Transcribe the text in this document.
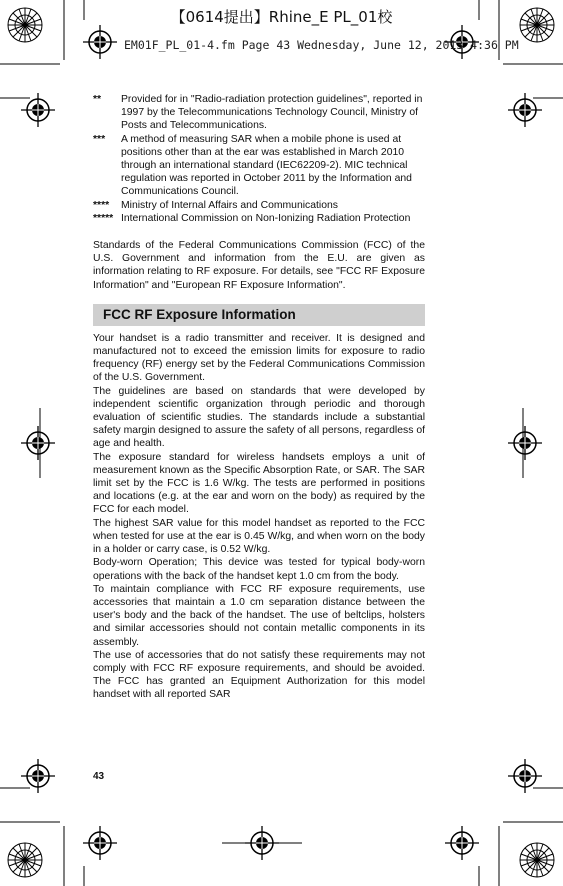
【0614提出】Rhine_E PL_01校
EM01F_PL_01-4.fm Page 43 Wednesday, June 12, 2013 4:36 PM
**	Provided for in "Radio-radiation protection guidelines", reported in 1997 by the Telecommunications Technology Council, Ministry of Posts and Telecommunications.
***	A method of measuring SAR when a mobile phone is used at positions other than at the ear was established in March 2010 through an international standard (IEC62209-2). MIC technical regulation was reported in October 2011 by the Information and Communications Council.
****	Ministry of Internal Affairs and Communications
***** International Commission on Non-Ionizing Radiation Protection

Standards of the Federal Communications Commission (FCC) of the U.S. Government and information from the E.U. are given as information relating to RF exposure. For details, see "FCC RF Exposure Information" and "European RF Exposure Information".

FCC RF Exposure Information

Your handset is a radio transmitter and receiver. It is designed and manufactured not to exceed the emission limits for exposure to radio frequency (RF) energy set by the Federal Communications Commission of the U.S. Government.

The guidelines are based on standards that were developed by independent scientific organization through periodic and thorough evaluation of scientific studies. The standards include a substantial safety margin designed to assure the safety of all persons, regardless of age and health.

The exposure standard for wireless handsets employs a unit of measurement known as the Specific Absorption Rate, or SAR. The SAR limit set by the FCC is 1.6 W/kg. The tests are performed in positions and locations (e.g. at the ear and worn on the body) as required by the FCC for each model.

The highest SAR value for this model handset as reported to the FCC when tested for use at the ear is 0.45 W/kg, and when worn on the body in a holder or carry case, is 0.52 W/kg.

Body-worn Operation; This device was tested for typical body-worn operations with the back of the handset kept 1.0 cm from the body.

To maintain compliance with FCC RF exposure requirements, use accessories that maintain a 1.0 cm separation distance between the user's body and the back of the handset. The use of beltclips, holsters and similar accessories should not contain metallic components in its assembly.

The use of accessories that do not satisfy these requirements may not comply with FCC RF exposure requirements, and should be avoided. The FCC has granted an Equipment Authorization for this model handset with all reported SAR

43
